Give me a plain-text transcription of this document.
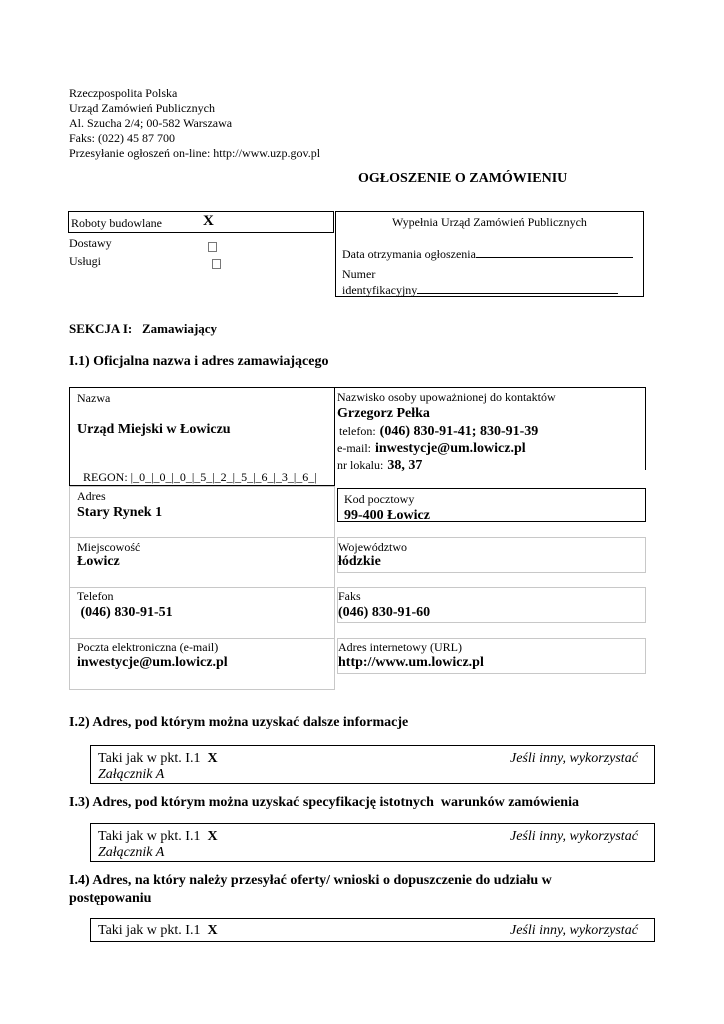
Rzeczpospolita Polska
Urząd Zamówień Publicznych
Al. Szucha 2/4; 00-582 Warszawa
Faks: (022) 45 87 700
Przesyłanie ogłoszeń on-line: http://www.uzp.gov.pl
OGŁOSZENIE O ZAMÓWIENIU
Roboty budowlane	X
Dostawy
Usługi
Wypełnia Urząd Zamówień Publicznych
Data otrzymania ogłoszenia
Numer
identyfikacyjny
SEKCJA I:   Zamawiający
I.1) Oficjalna nazwa i adres zamawiającego
Nazwa
Urząd Miejski w Łowiczu

REGON: |_0_|_0_|_0_|_5_|_2_|_5_|_6_|_3_|_6_|

Nazwisko osoby upoważnionej do kontaktów
Grzegorz Pełka
telefon: (046) 830-91-41; 830-91-39
e-mail: inwestycje@um.lowicz.pl
nr lokalu: 38, 37
Adres
Stary Rynek 1
Kod pocztowy
99-400 Łowicz
Miejscowość
Łowicz
Województwo
łódzkie
Telefon
(046) 830-91-51
Faks
(046) 830-91-60
Poczta elektroniczna (e-mail)
inwestycje@um.lowicz.pl
Adres internetowy (URL)
http://www.um.lowicz.pl
I.2) Adres, pod którym można uzyskać dalsze informacje
Taki jak w pkt. I.1 X	Jeśli inny, wykorzystać
Załącznik A
I.3) Adres, pod którym można uzyskać specyfikację istotnych  warunków zamówienia
Taki jak w pkt. I.1 X	Jeśli inny, wykorzystać
Załącznik A
I.4) Adres, na który należy przesyłać oferty/ wnioski o dopuszczenie do udziału w
postępowaniu
Taki jak w pkt. I.1 X	Jeśli inny, wykorzystać
